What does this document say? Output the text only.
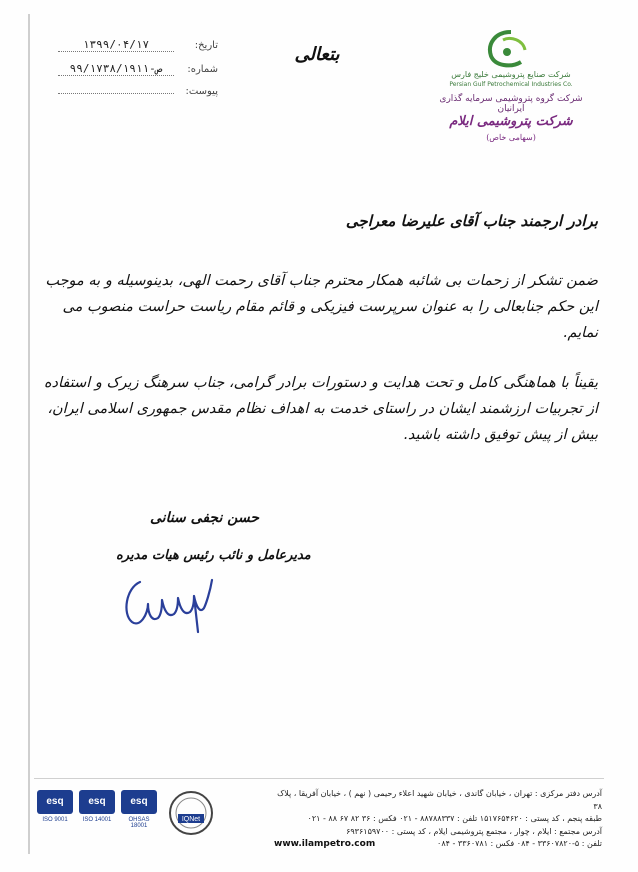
تاریخ:
۱۳۹۹/۰۴/۱۷
شماره:
۹۹/۱۷۳۸/ص-۱۹۱۱
پیوست:
بتعالی
شرکت صنایع پتروشیمی خلیج فارس
Persian Gulf Petrochemical Industries Co.
شرکت گروه پتروشیمی سرمایه گذاری ایرانیان
شرکت پتروشیمی ایلام (سهامی خاص)
برادر ارجمند جناب آقای علیرضا معراجی

ضمن تشکر از زحمات بی شائبه همکار محترم جناب آقای رحمت الهی، بدینوسیله و به موجب این حکم جنابعالی را به عنوان سرپرست فیزیکی و قائم مقام ریاست حراست منصوب می نمایم.

یقیناً با هماهنگی کامل و تحت هدایت و دستورات برادر گرامی، جناب سرهنگ زیرک و استفاده از تجربیات ارزشمند ایشان در راستای خدمت به اهداف نظام مقدس جمهوری اسلامی ایران، بیش از پیش توفیق داشته باشید.

حسن نجفی سنانی
مدیرعامل و نائب رئیس هیات مدیره
esq
ISO 9001
esq
ISO 14001
esq
OHSAS 18001
IQNet
آدرس دفتر مرکزی : تهران ، خیابان گاندی ، خیابان شهید اعلاء رحیمی ( نهم ) ، خیابان آفریقا ، پلاک ۳۸
طبقه پنجم ، کد پستی : ۱۵۱۷۶۵۴۶۲۰ تلفن : ۸۸۷۸۸۳۳۷ - ۰۲۱ فکس : ۳۶ ۸۲ ۶۷ ۸۸ - ۰۲۱
آدرس مجتمع : ایلام ، چوار ، مجتمع پتروشیمی ایلام ، کد پستی : ۶۹۳۶۱۵۹۷۰۰
تلفن : ۵-۳۳۶۰۷۸۲۰ - ۰۸۴ فکس : ۳۳۶۰۷۸۱ - ۰۸۴
www.ilampetro.com
